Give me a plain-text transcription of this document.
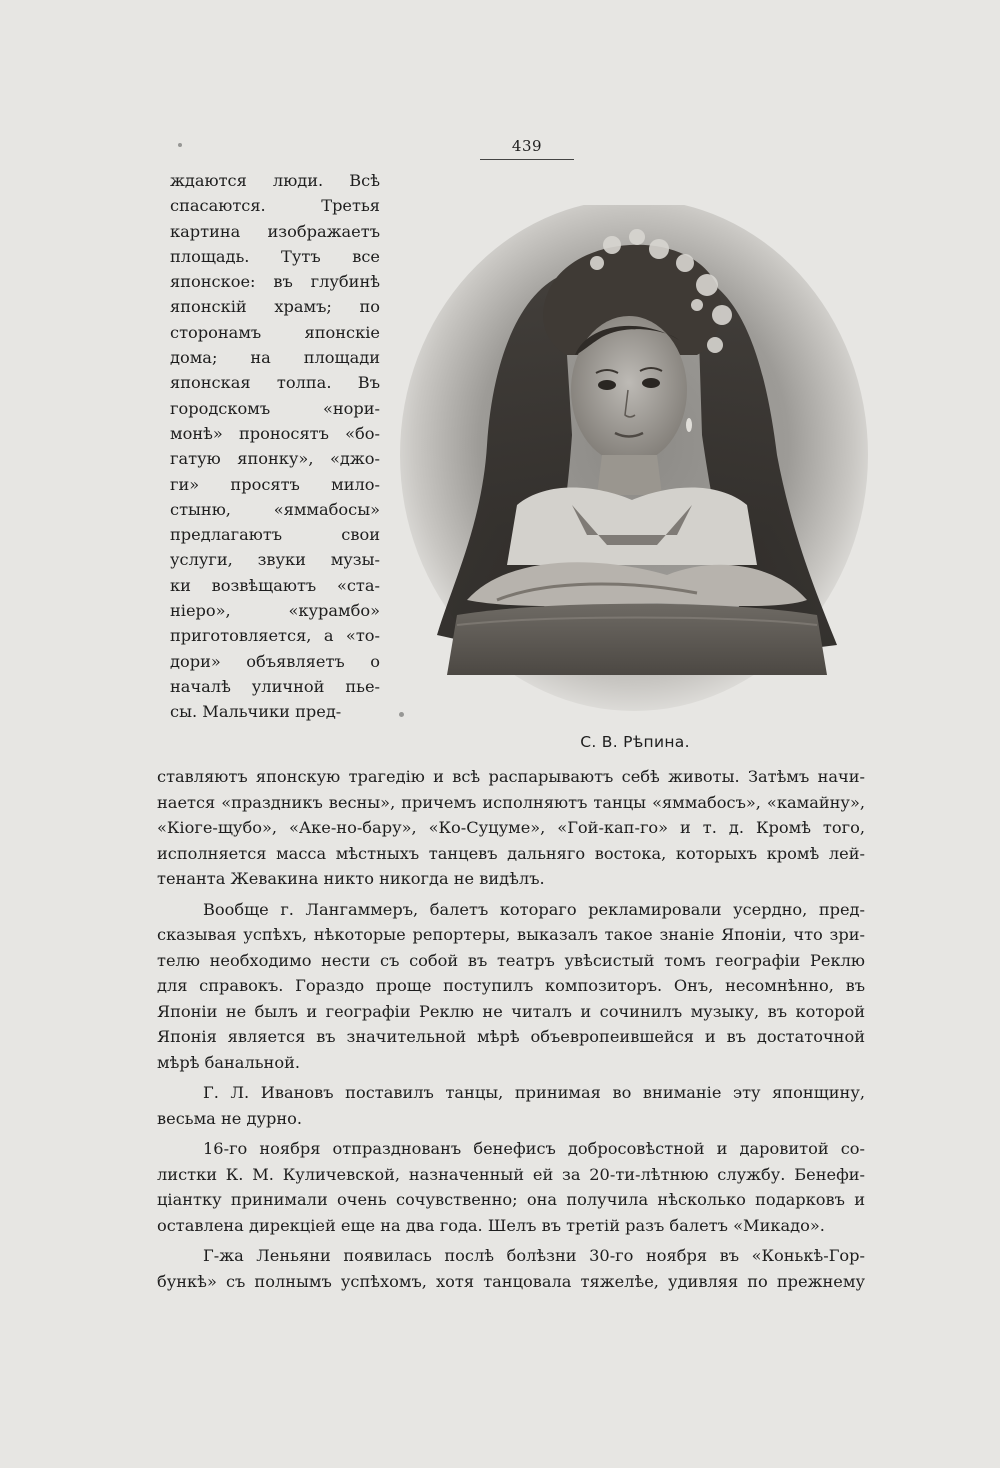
439
ждаются люди. Всѣ
спасаются. Третья
картина изображаетъ
площадь. Тутъ все
японское: въ глубинѣ
японскій храмъ; по
сторонамъ японскіе
дома; на площади
японская толпа. Въ
городскомъ «нори-
монѣ» проносятъ «бо-
гатую японку», «джо-
ги» просятъ мило-
стыню, «яммабосы»
предлагаютъ свои
услуги, звуки музы-
ки возвѣщаютъ «ста-
ніеро», «курамбо»
приготовляется, а «то-
дори» объявляетъ о
началѣ уличной пье-
сы. Мальчики пред-
С. В. Рѣпина.
ставляютъ японскую трагедію и всѣ распарываютъ себѣ животы. Затѣмъ начи-
нается «праздникъ весны», причемъ исполняютъ танцы «яммабосъ», «камайну»,
«Кіоге-щубо», «Аке-но-бару», «Ко-Суцуме», «Гой-кап-го» и т. д. Кромѣ того,
исполняется масса мѣстныхъ танцевъ дальняго востока, которыхъ кромѣ лей-
тенанта Жевакина никто никогда не видѣлъ.
Вообще г. Лангаммеръ, балетъ котораго рекламировали усердно, пред-
сказывая успѣхъ, нѣкоторые репортеры, выказалъ такое знаніе Японіи, что зри-
телю необходимо нести съ собой въ театръ увѣсистый томъ географіи Реклю
для справокъ. Гораздо проще поступилъ композиторъ. Онъ, несомнѣнно, въ
Японіи не былъ и географіи Реклю не читалъ и сочинилъ музыку, въ которой
Японія является въ значительной мѣрѣ объевропеившейся и въ достаточной
мѣрѣ банальной.
Г. Л. Ивановъ поставилъ танцы, принимая во вниманіе эту японщину,
весьма не дурно.
16-го ноября отпразднованъ бенефисъ добросовѣстной и даровитой со-
листки К. М. Куличевской, назначенный ей за 20-ти-лѣтнюю службу. Бенефи-
ціантку принимали очень сочувственно; она получила нѣсколько подарковъ и
оставлена дирекціей еще на два года. Шелъ въ третій разъ балетъ «Микадо».
Г-жа Леньяни появилась послѣ болѣзни 30-го ноября въ «Конькѣ-Гор-
бункѣ» съ полнымъ успѣхомъ, хотя танцовала тяжелѣе, удивляя по прежнему
